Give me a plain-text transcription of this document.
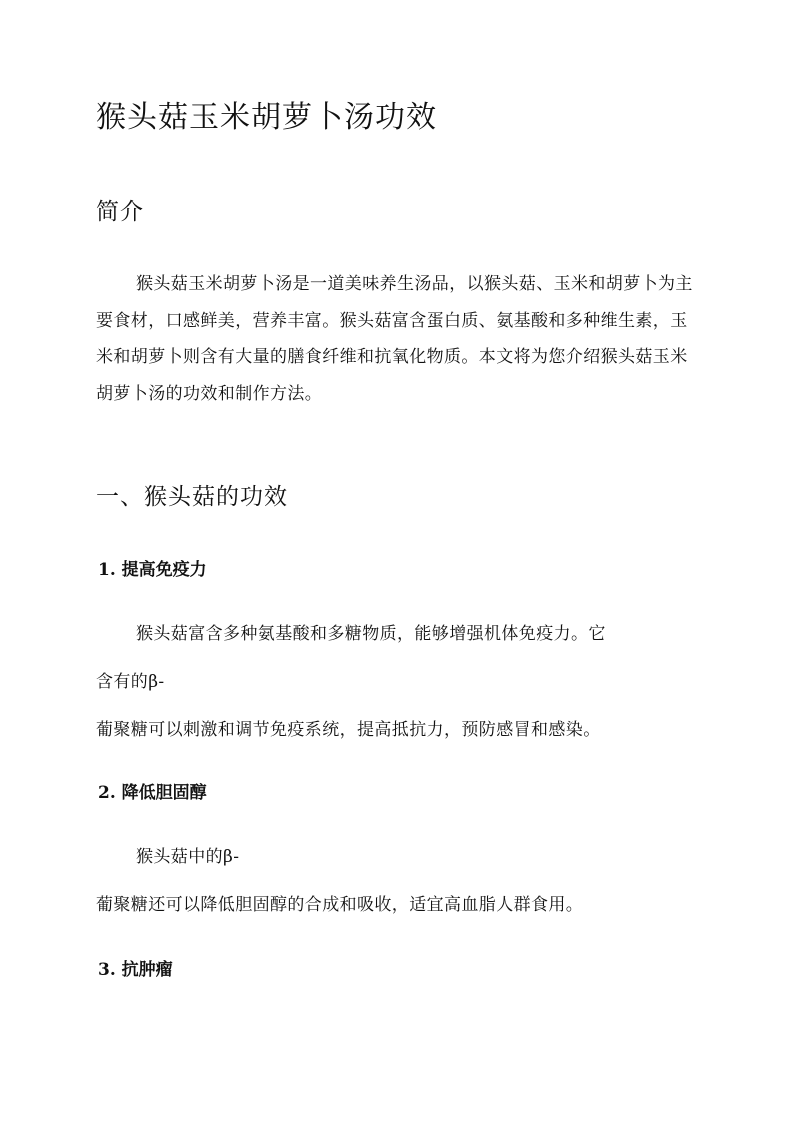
猴头菇玉米胡萝卜汤功效
简介
猴头菇玉米胡萝卜汤是一道美味养生汤品，以猴头菇、玉米和胡萝卜为主要食材，口感鲜美，营养丰富。猴头菇富含蛋白质、氨基酸和多种维生素，玉米和胡萝卜则含有大量的膳食纤维和抗氧化物质。本文将为您介绍猴头菇玉米胡萝卜汤的功效和制作方法。
一、猴头菇的功效
1. 提高免疫力
猴头菇富含多种氨基酸和多糖物质，能够增强机体免疫力。它
含有的β-
葡聚糖可以刺激和调节免疫系统，提高抵抗力，预防感冒和感染。
2. 降低胆固醇
猴头菇中的β-
葡聚糖还可以降低胆固醇的合成和吸收，适宜高血脂人群食用。
3. 抗肿瘤
